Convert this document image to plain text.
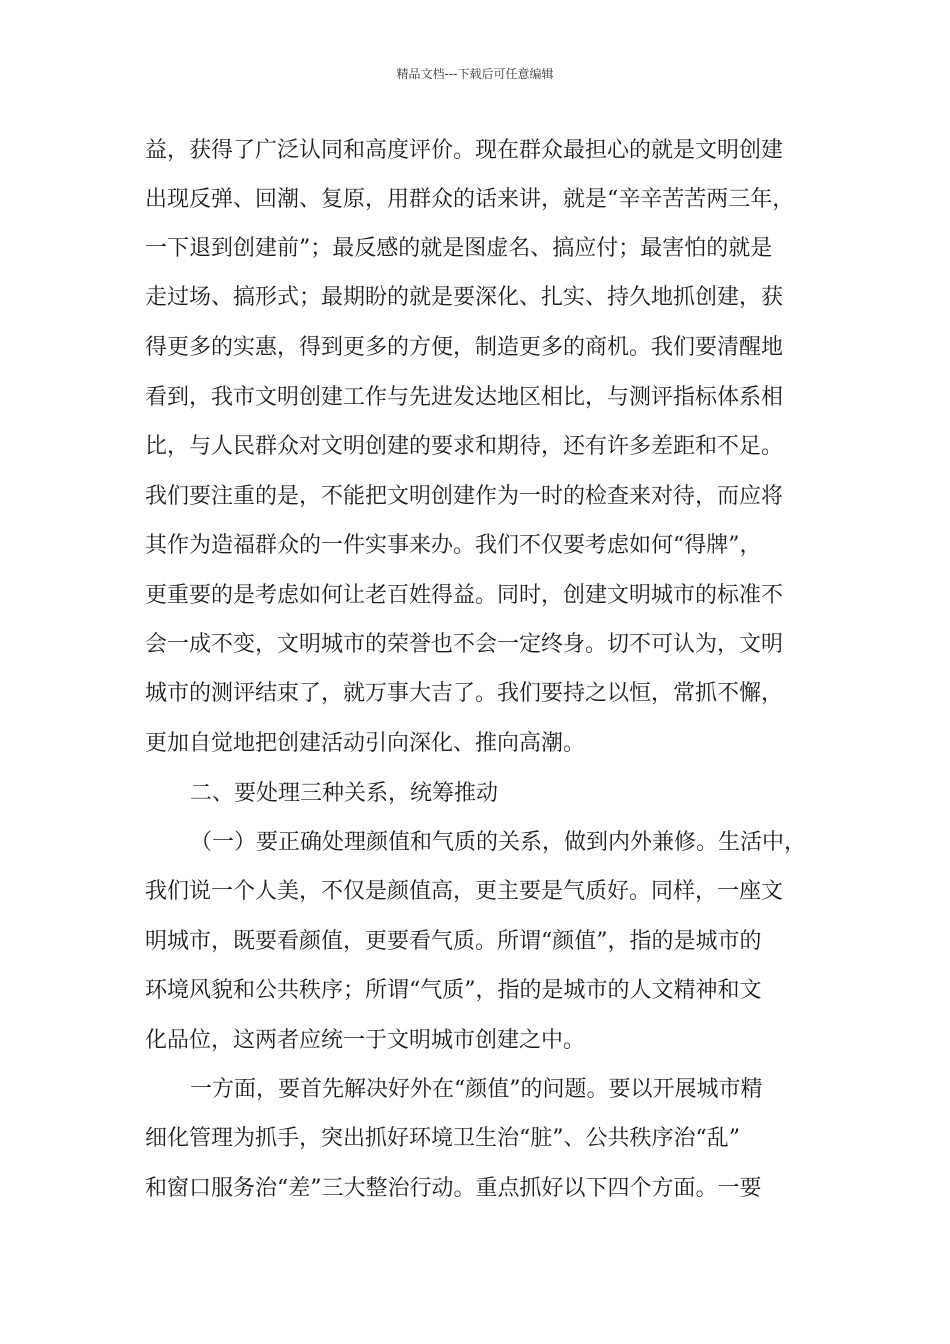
精品文档---下载后可任意编辑
益，获得了广泛认同和高度评价。现在群众最担心的就是文明创建
出现反弹、回潮、复原，用群众的话来讲，就是“辛辛苦苦两三年，
一下退到创建前”；最反感的就是图虚名、搞应付；最害怕的就是
走过场、搞形式；最期盼的就是要深化、扎实、持久地抓创建，获
得更多的实惠，得到更多的方便，制造更多的商机。我们要清醒地
看到，我市文明创建工作与先进发达地区相比，与测评指标体系相
比，与人民群众对文明创建的要求和期待，还有许多差距和不足。
我们要注重的是，不能把文明创建作为一时的检查来对待，而应将
其作为造福群众的一件实事来办。我们不仅要考虑如何“得牌”，
更重要的是考虑如何让老百姓得益。同时，创建文明城市的标准不
会一成不变，文明城市的荣誉也不会一定终身。切不可认为，文明
城市的测评结束了，就万事大吉了。我们要持之以恒，常抓不懈，
更加自觉地把创建活动引向深化、推向高潮。
二、要处理三种关系，统筹推动
（一）要正确处理颜值和气质的关系，做到内外兼修。生活中，
我们说一个人美，不仅是颜值高，更主要是气质好。同样，一座文
明城市，既要看颜值，更要看气质。所谓“颜值”，指的是城市的
环境风貌和公共秩序；所谓“气质”，指的是城市的人文精神和文
化品位，这两者应统一于文明城市创建之中。
一方面，要首先解决好外在“颜值”的问题。要以开展城市精
细化管理为抓手，突出抓好环境卫生治“脏”、公共秩序治“乱”
和窗口服务治“差”三大整治行动。重点抓好以下四个方面。一要
